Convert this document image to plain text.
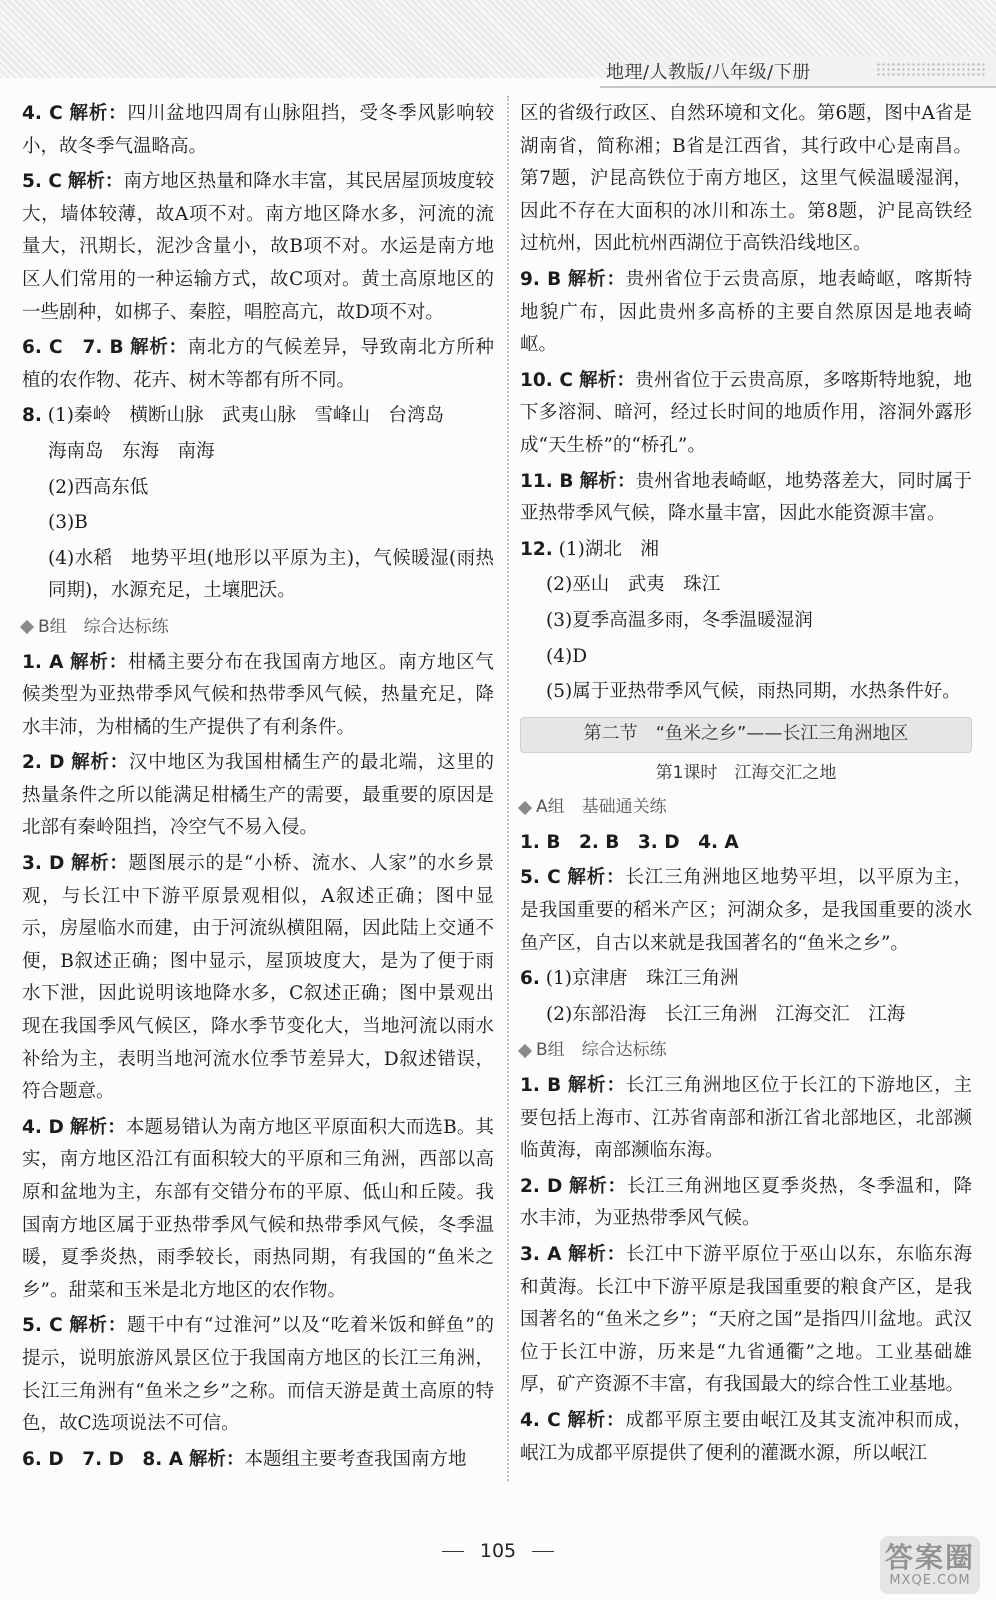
地理/人教版/八年级/下册

4. C 解析：四川盆地四周有山脉阻挡，受冬季风影响较小，故冬季气温略高。

5. C 解析：南方地区热量和降水丰富，其民居屋顶坡度较大，墙体较薄，故A项不对。南方地区降水多，河流的流量大，汛期长，泥沙含量小，故B项不对。水运是南方地区人们常用的一种运输方式，故C项对。黄土高原地区的一些剧种，如梆子、秦腔，唱腔高亢，故D项不对。

6. C　7. B 解析：南北方的气候差异，导致南北方所种植的农作物、花卉、树木等都有所不同。

8. (1)秦岭　横断山脉　武夷山脉　雪峰山　台湾岛

海南岛　东海　南海

(2)西高东低

(3)B

(4)水稻　地势平坦(地形以平原为主)，气候暖湿(雨热同期)，水源充足，土壤肥沃。

B组　综合达标练

1. A 解析：柑橘主要分布在我国南方地区。南方地区气候类型为亚热带季风气候和热带季风气候，热量充足，降水丰沛，为柑橘的生产提供了有利条件。

2. D 解析：汉中地区为我国柑橘生产的最北端，这里的热量条件之所以能满足柑橘生产的需要，最重要的原因是北部有秦岭阻挡，冷空气不易入侵。

3. D 解析：题图展示的是“小桥、流水、人家”的水乡景观，与长江中下游平原景观相似，A叙述正确；图中显示，房屋临水而建，由于河流纵横阻隔，因此陆上交通不便，B叙述正确；图中显示，屋顶坡度大，是为了便于雨水下泄，因此说明该地降水多，C叙述正确；图中景观出现在我国季风气候区，降水季节变化大，当地河流以雨水补给为主，表明当地河流水位季节差异大，D叙述错误，符合题意。

4. D 解析：本题易错认为南方地区平原面积大而选B。其实，南方地区沿江有面积较大的平原和三角洲，西部以高原和盆地为主，东部有交错分布的平原、低山和丘陵。我国南方地区属于亚热带季风气候和热带季风气候，冬季温暖，夏季炎热，雨季较长，雨热同期，有我国的“鱼米之乡”。甜菜和玉米是北方地区的农作物。

5. C 解析：题干中有“过淮河”以及“吃着米饭和鲜鱼”的提示，说明旅游风景区位于我国南方地区的长江三角洲，长江三角洲有“鱼米之乡”之称。而信天游是黄土高原的特色，故C选项说法不可信。

6. D　7. D　8. A 解析：本题组主要考查我国南方地

区的省级行政区、自然环境和文化。第6题，图中A省是湖南省，简称湘；B省是江西省，其行政中心是南昌。第7题，沪昆高铁位于南方地区，这里气候温暖湿润，因此不存在大面积的冰川和冻土。第8题，沪昆高铁经过杭州，因此杭州西湖位于高铁沿线地区。

9. B 解析：贵州省位于云贵高原，地表崎岖，喀斯特地貌广布，因此贵州多高桥的主要自然原因是地表崎岖。

10. C 解析：贵州省位于云贵高原，多喀斯特地貌，地下多溶洞、暗河，经过长时间的地质作用，溶洞外露形成“天生桥”的“桥孔”。

11. B 解析：贵州省地表崎岖，地势落差大，同时属于亚热带季风气候，降水量丰富，因此水能资源丰富。

12. (1)湖北　湘

(2)巫山　武夷　珠江

(3)夏季高温多雨，冬季温暖湿润

(4)D

(5)属于亚热带季风气候，雨热同期，水热条件好。

第二节　“鱼米之乡”——长江三角洲地区
第1课时　江海交汇之地
A组　基础通关练

1. B　2. B　3. D　4. A

5. C 解析：长江三角洲地区地势平坦，以平原为主，是我国重要的稻米产区；河湖众多，是我国重要的淡水鱼产区，自古以来就是我国著名的“鱼米之乡”。

6. (1)京津唐　珠江三角洲

(2)东部沿海　长江三角洲　江海交汇　江海

B组　综合达标练

1. B 解析：长江三角洲地区位于长江的下游地区，主要包括上海市、江苏省南部和浙江省北部地区，北部濒临黄海，南部濒临东海。

2. D 解析：长江三角洲地区夏季炎热，冬季温和，降水丰沛，为亚热带季风气候。

3. A 解析：长江中下游平原位于巫山以东，东临东海和黄海。长江中下游平原是我国重要的粮食产区，是我国著名的“鱼米之乡”；“天府之国”是指四川盆地。武汉位于长江中游，历来是“九省通衢”之地。工业基础雄厚，矿产资源不丰富，有我国最大的综合性工业基地。

4. C 解析：成都平原主要由岷江及其支流冲积而成，岷江为成都平原提供了便利的灌溉水源，所以岷江

105	答案圈
MXQE.COM
